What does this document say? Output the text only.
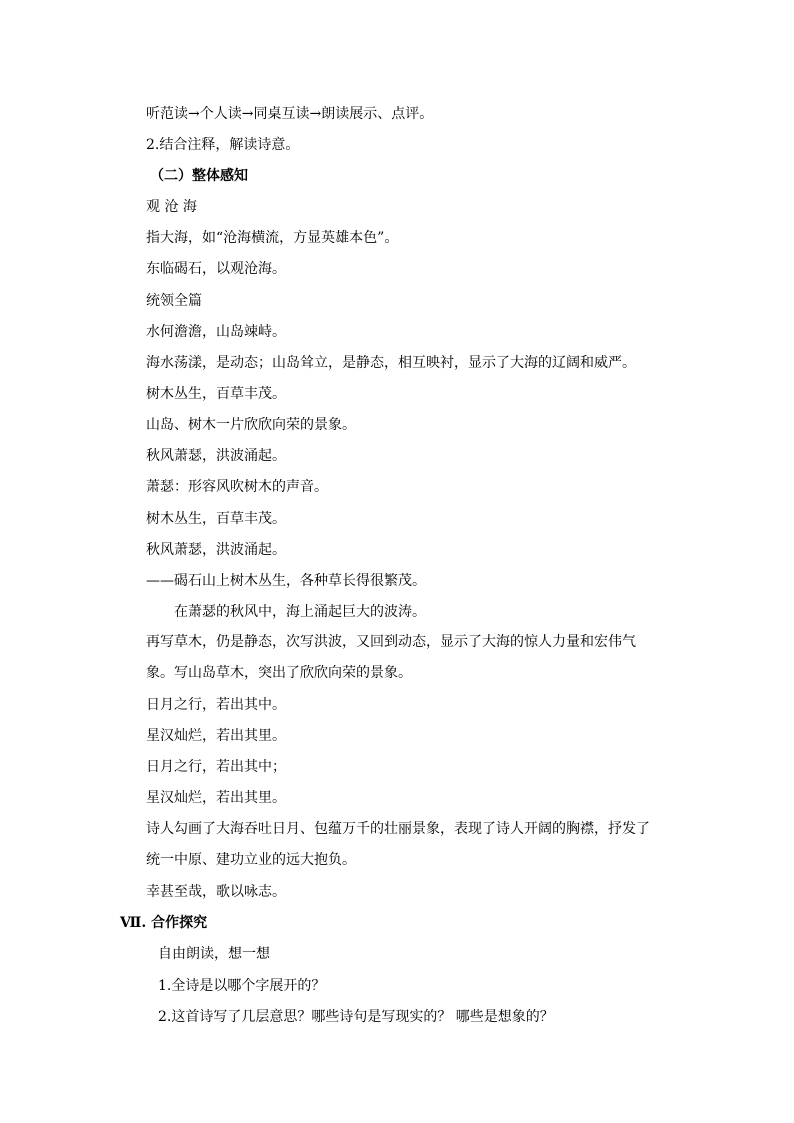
听范读→个人读→同桌互读→朗读展示、点评。
2.结合注释，解读诗意。
（二）整体感知
观 沧 海
指大海，如“沧海横流，方显英雄本色”。
东临碣石，以观沧海。
统领全篇
水何澹澹，山岛竦峙。
海水荡漾，是动态；山岛耸立，是静态，相互映衬，显示了大海的辽阔和威严。
树木丛生，百草丰茂。
山岛、树木一片欣欣向荣的景象。
秋风萧瑟，洪波涌起。
萧瑟：形容风吹树木的声音。
树木丛生，百草丰茂。
秋风萧瑟，洪波涌起。
——碣石山上树木丛生，各种草长得很繁茂。
在萧瑟的秋风中，海上涌起巨大的波涛。
再写草木，仍是静态，次写洪波，又回到动态，显示了大海的惊人力量和宏伟气象。写山岛草木，突出了欣欣向荣的景象。
日月之行，若出其中。
星汉灿烂，若出其里。
日月之行，若出其中；
星汉灿烂，若出其里。
诗人勾画了大海吞吐日月、包蕴万千的壮丽景象，表现了诗人开阔的胸襟，抒发了统一中原、建功立业的远大抱负。
幸甚至哉，歌以咏志。
Ⅶ. 合作探究
自由朗读，想一想
1.全诗是以哪个字展开的？
2.这首诗写了几层意思？哪些诗句是写现实的？ 哪些是想象的？
